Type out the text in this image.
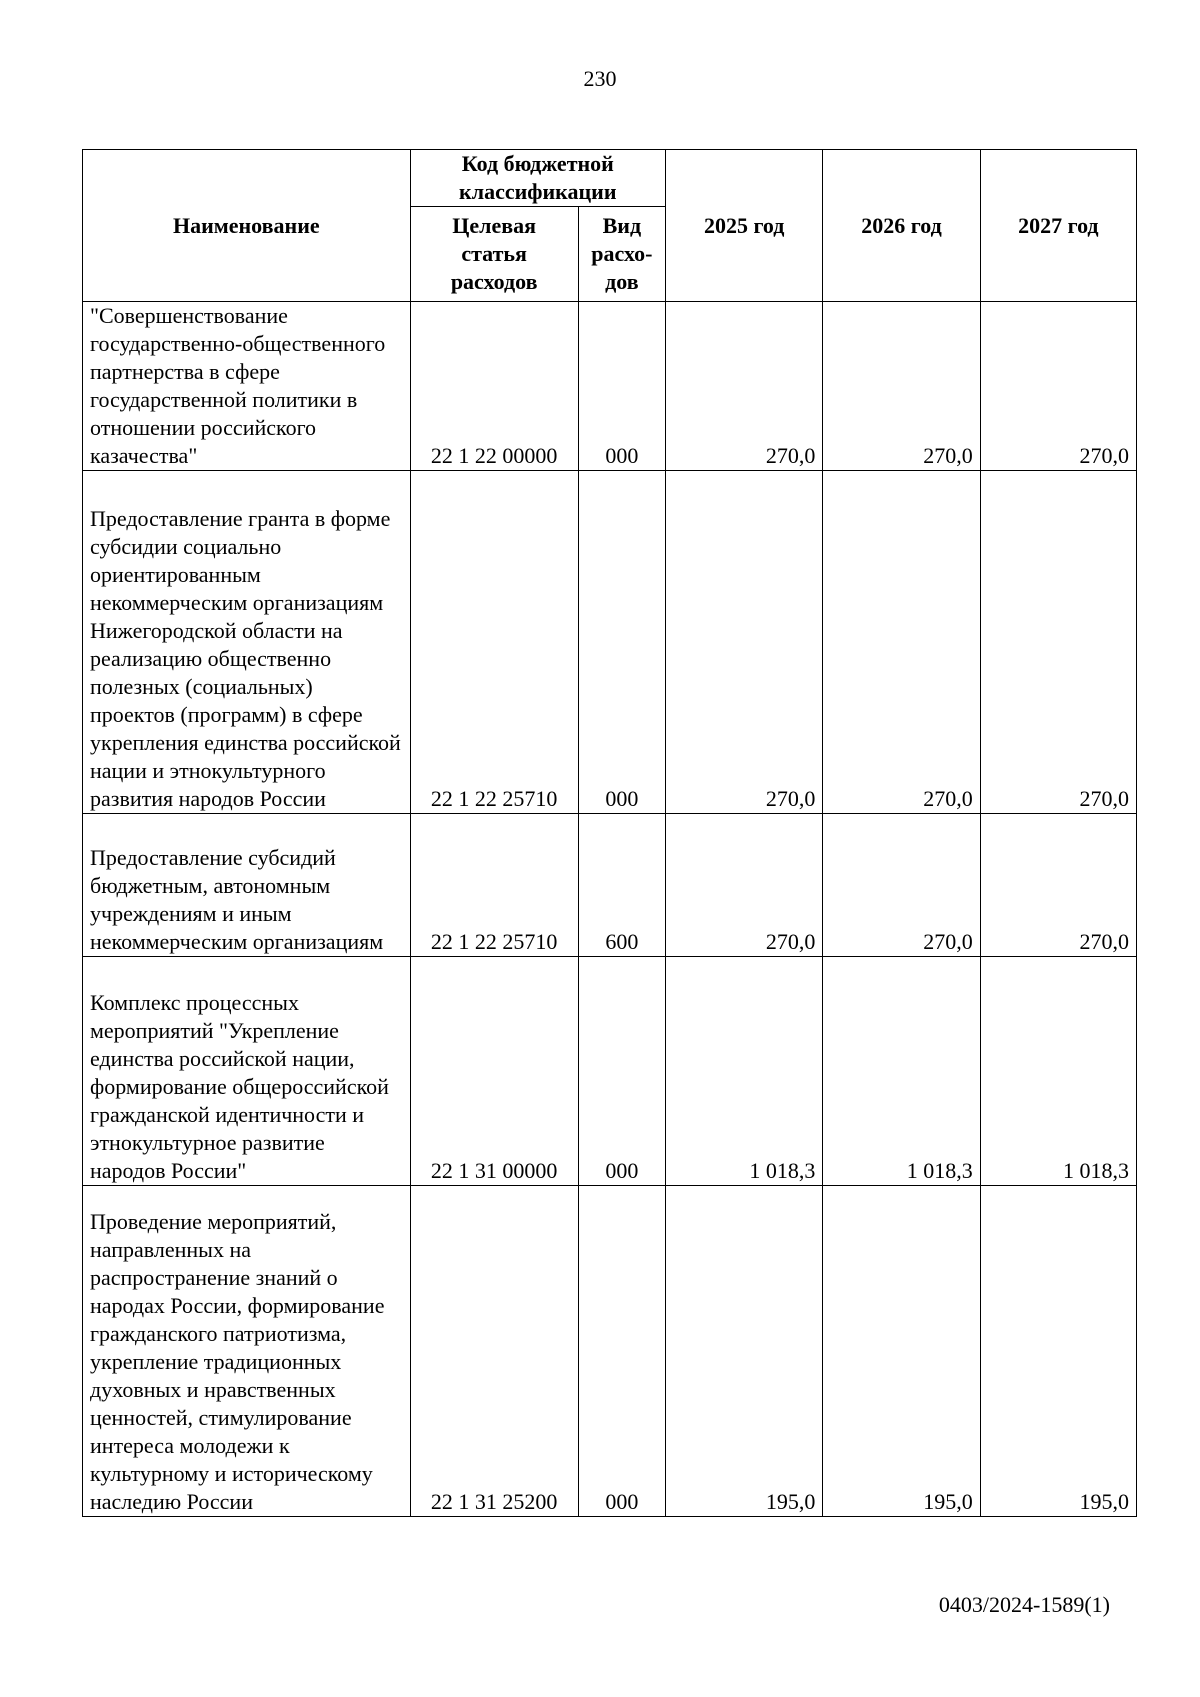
230
Наименование	Код бюджетной классификации		2025 год	2026 год	2027 год
	Целевая статья расходов	Вид расхо-дов			
"Совершенствование государственно-общественного партнерства в сфере государственной политики в отношении российского казачества"	22 1 22 00000	000	270,0	270,0	270,0
Предоставление гранта в форме субсидии социально ориентированным некоммерческим организациям Нижегородской области на реализацию общественно полезных (социальных) проектов (программ) в сфере укрепления единства российской нации и этнокультурного развития народов России	22 1 22 25710	000	270,0	270,0	270,0
Предоставление субсидий бюджетным, автономным учреждениям и иным некоммерческим организациям	22 1 22 25710	600	270,0	270,0	270,0
Комплекс процессных мероприятий "Укрепление единства российской нации, формирование общероссийской гражданской идентичности и этнокультурное развитие народов России"	22 1 31 00000	000	1 018,3	1 018,3	1 018,3
Проведение мероприятий, направленных на распространение знаний о народах России, формирование гражданского патриотизма, укрепление традиционных духовных и нравственных ценностей, стимулирование интереса молодежи к культурному и историческому наследию России	22 1 31 25200	000	195,0	195,0	195,0
0403/2024-1589(1)
